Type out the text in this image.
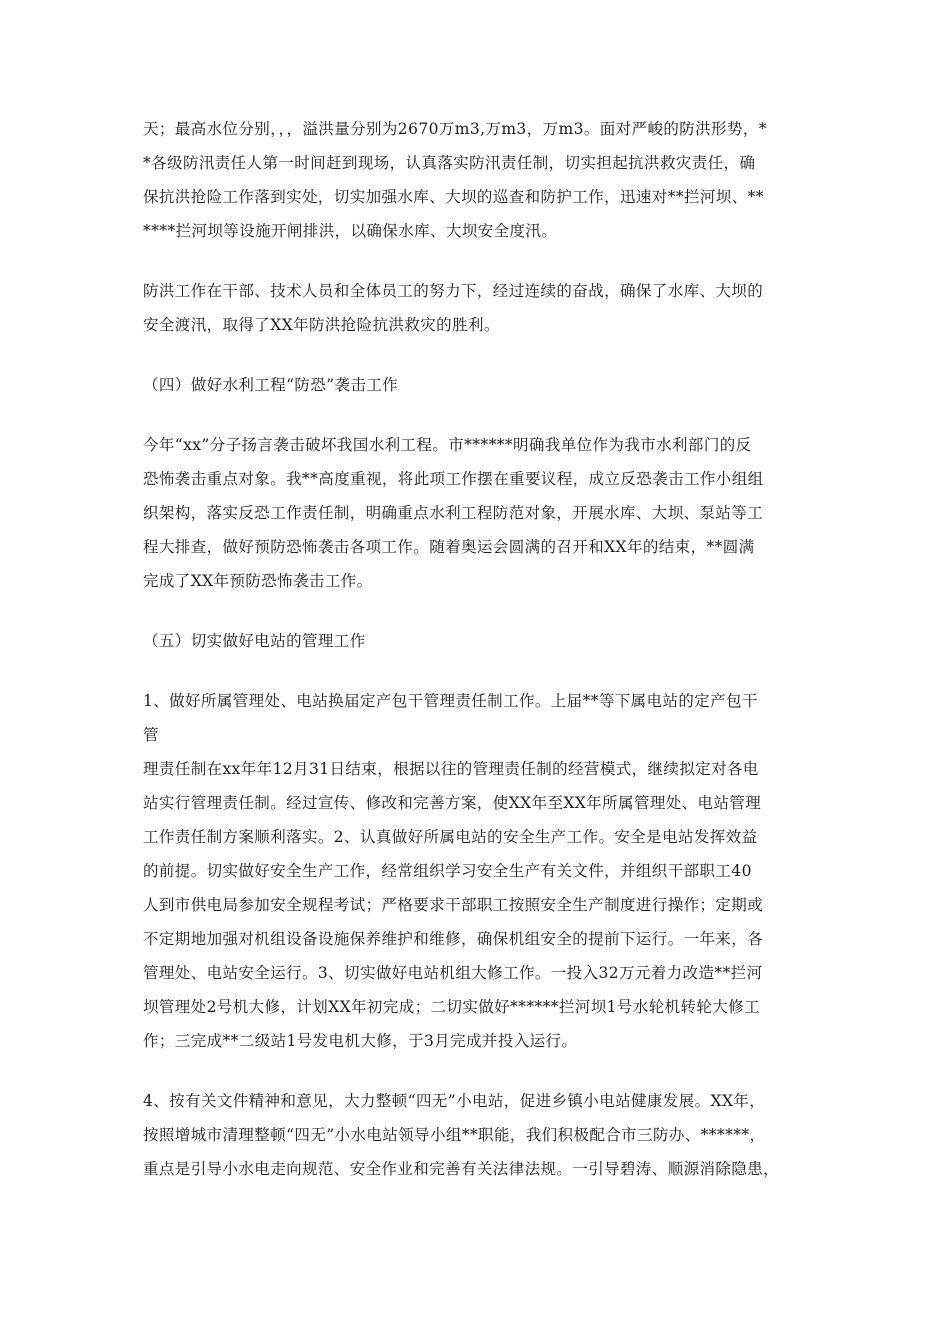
天；最高水位分别，，，溢洪量分别为2670万m3,万m3，万m3。面对严峻的防洪形势，*
*各级防汛责任人第一时间赶到现场，认真落实防汛责任制，切实担起抗洪救灾责任，确
保抗洪抢险工作落到实处，切实加强水库、大坝的巡查和防护工作，迅速对**拦河坝、**
****拦河坝等设施开闸排洪，以确保水库、大坝安全度汛。

防洪工作在干部、技术人员和全体员工的努力下，经过连续的奋战，确保了水库、大坝的
安全渡汛，取得了XX年防洪抢险抗洪救灾的胜利。

（四）做好水利工程“防恐”袭击工作

今年“xx”分子扬言袭击破坏我国水利工程。市******明确我单位作为我市水利部门的反
恐怖袭击重点对象。我**高度重视，将此项工作摆在重要议程，成立反恐袭击工作小组组
织架构，落实反恐工作责任制，明确重点水利工程防范对象，开展水库、大坝、泵站等工
程大排查，做好预防恐怖袭击各项工作。随着奥运会圆满的召开和XX年的结束，**圆满
完成了XX年预防恐怖袭击工作。

（五）切实做好电站的管理工作

1、做好所属管理处、电站换届定产包干管理责任制工作。上届**等下属电站的定产包干
管
理责任制在xx年年12月31日结束，根据以往的管理责任制的经营模式，继续拟定对各电
站实行管理责任制。经过宣传、修改和完善方案，使XX年至XX年所属管理处、电站管理
工作责任制方案顺利落实。2、认真做好所属电站的安全生产工作。安全是电站发挥效益
的前提。切实做好安全生产工作，经常组织学习安全生产有关文件，并组织干部职工40
人到市供电局参加安全规程考试；严格要求干部职工按照安全生产制度进行操作；定期或
不定期地加强对机组设备设施保养维护和维修，确保机组安全的提前下运行。一年来，各
管理处、电站安全运行。3、切实做好电站机组大修工作。一投入32万元着力改造**拦河
坝管理处2号机大修，计划XX年初完成；二切实做好******拦河坝1号水轮机转轮大修工
作；三完成**二级站1号发电机大修，于3月完成并投入运行。

4、按有关文件精神和意见，大力整顿“四无”小电站，促进乡镇小电站健康发展。XX年，
按照增城市清理整顿“四无”小水电站领导小组**职能，我们积极配合市三防办、******，
重点是引导小水电走向规范、安全作业和完善有关法律法规。一引导碧涛、顺源消除隐患，
